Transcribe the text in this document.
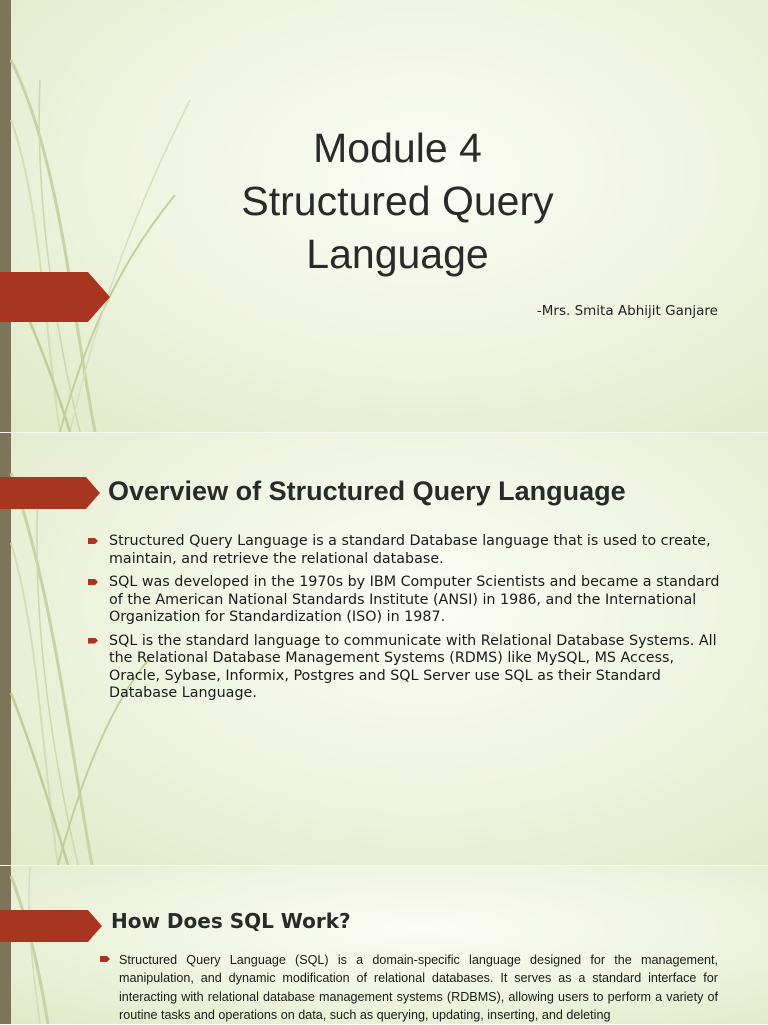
Module 4
Structured Query
Language
-Mrs. Smita Abhijit Ganjare
Overview of Structured Query Language
Structured Query Language is a standard Database language that is used to create, maintain, and retrieve the relational database.
SQL was developed in the 1970s by IBM Computer Scientists and became a standard of the American National Standards Institute (ANSI) in 1986, and the International Organization for Standardization (ISO) in 1987.
SQL is the standard language to communicate with Relational Database Systems. All the Relational Database Management Systems (RDMS) like MySQL, MS Access, Oracle, Sybase, Informix, Postgres and SQL Server use SQL as their Standard Database Language.
How Does SQL Work?
Structured Query Language (SQL) is a domain-specific language designed for the management, manipulation, and dynamic modification of relational databases. It serves as a standard interface for interacting with relational database management systems (RDBMS), allowing users to perform a variety of routine tasks and operations on data, such as querying, updating, inserting, and deleting
